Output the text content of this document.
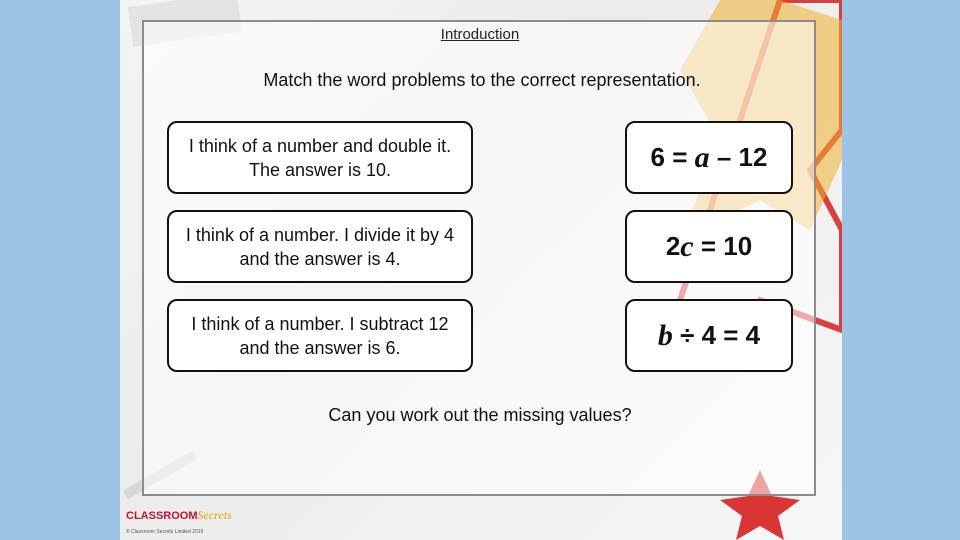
Introduction
Match the word problems to the correct representation.
I think of a number and double it. The answer is 10.
I think of a number. I divide it by 4 and the answer is 4.
I think of a number. I subtract 12 and the answer is 6.
6 = a – 12
2 c = 10
b ÷ 4 = 4
Can you work out the missing values?
CLASSROOMSecrets
© Classroom Secrets Limited 2019
